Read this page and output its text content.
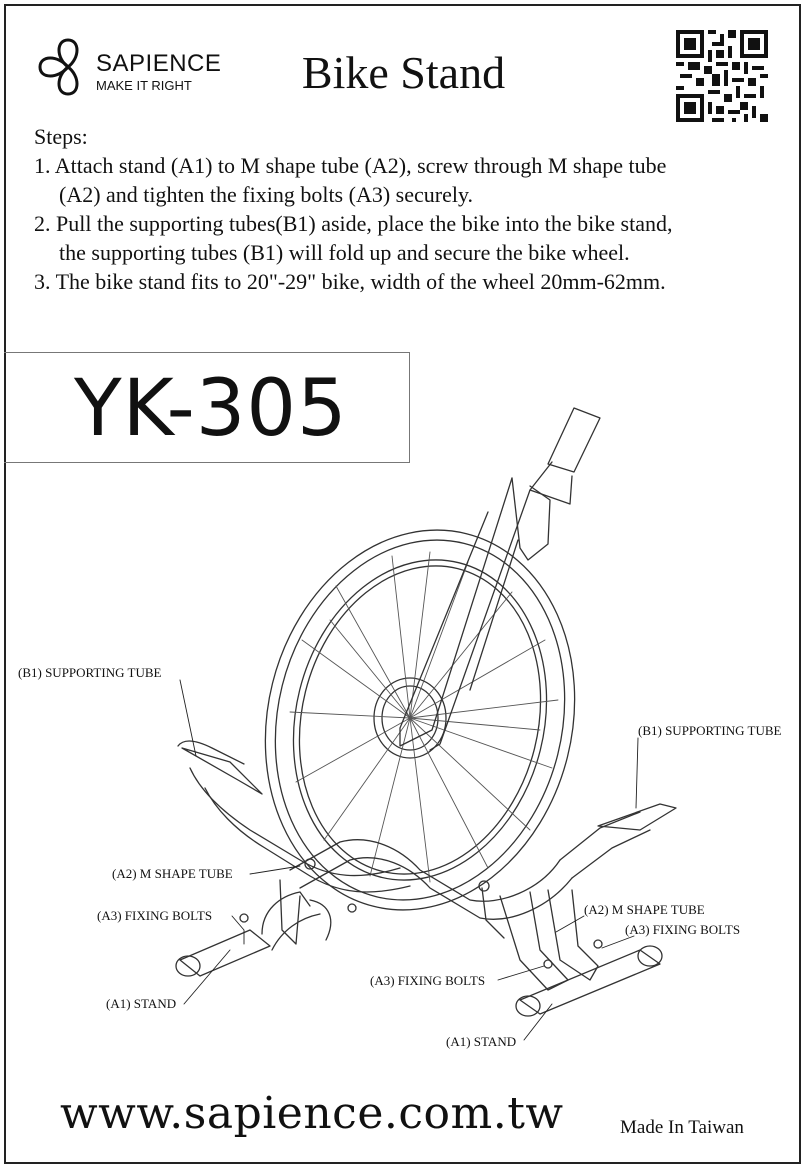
SAPIENCE
MAKE IT RIGHT	Bike Stand
Steps:
1. Attach stand (A1) to M shape tube (A2), screw through M shape tube
(A2) and tighten the fixing bolts (A3) securely.
2. Pull the supporting tubes(B1) aside, place the bike into the bike stand,
the supporting tubes (B1) will fold up and secure the bike wheel.
3. The bike stand fits to 20"-29" bike, width of the wheel 20mm-62mm.
YK-305
(B1) SUPPORTING TUBE
(B1) SUPPORTING TUBE
(A2) M SHAPE TUBE
(A2) M SHAPE TUBE
(A3) FIXING BOLTS
(A3) FIXING BOLTS
(A3) FIXING BOLTS
(A1) STAND
(A1) STAND
www.sapience.com.tw	Made In Taiwan
